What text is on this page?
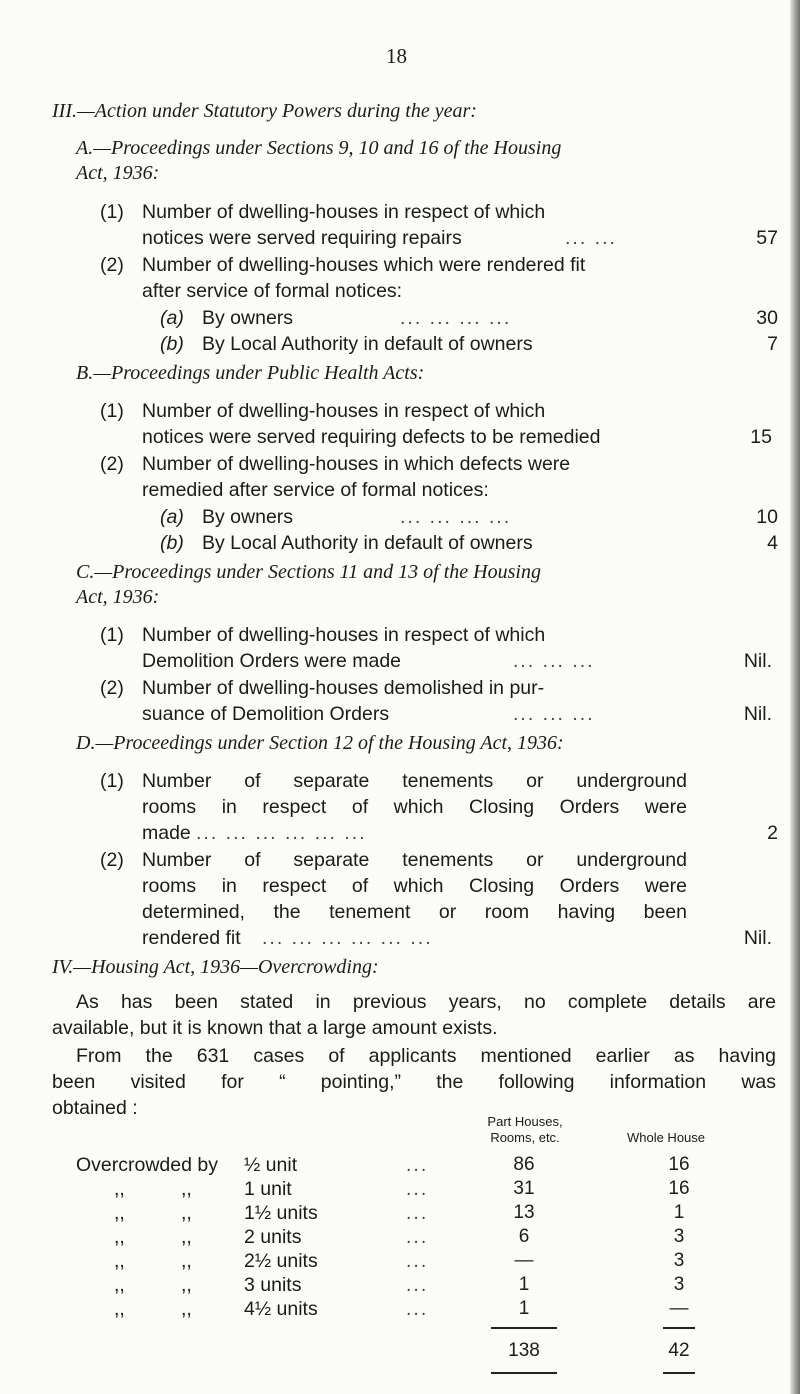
18
III.—Action under Statutory Powers during the year:
A.—Proceedings under Sections 9, 10 and 16 of the Housing
Act, 1936:
(1) Number of dwelling-houses in respect of which
notices were served requiring repairs	... ...	57
(2) Number of dwelling-houses which were rendered fit
after service of formal notices:
(a) By owners	... ... ... ...	30
(b) By Local Authority in default of owners	7
B.—Proceedings under Public Health Acts:
(1) Number of dwelling-houses in respect of which
notices were served requiring defects to be remedied	15
(2) Number of dwelling-houses in which defects were
remedied after service of formal notices:
(a) By owners	... ... ... ...	10
(b) By Local Authority in default of owners	4
C.—Proceedings under Sections 11 and 13 of the Housing
Act, 1936:
(1) Number of dwelling-houses in respect of which
Demolition Orders were made	... ... ...	Nil.
(2) Number of dwelling-houses demolished in pur-
suance of Demolition Orders	... ... ...	Nil.
D.—Proceedings under Section 12 of the Housing Act, 1936:
(1) Number of separate tenements or underground
rooms in respect of which Closing Orders were
made ... ... ... ... ... ...	2
(2) Number of separate tenements or underground
rooms in respect of which Closing Orders were
determined, the tenement or room having been
rendered fit ... ... ... ... ... ...	Nil.
IV.—Housing Act, 1936—Overcrowding:
As has been stated in previous years, no complete details are
available, but it is known that a large amount exists.
From the 631 cases of applicants mentioned earlier as having
been visited for “ pointing,” the following information was
obtained :
Part Houses,
Rooms, etc.	Whole House
Overcrowded by ½ unit	...	86	16
,,	,,	1 unit	...	31	16
,,	,,	1½ units	...	13	1
,,	,,	2 units	...	6	3
,,	,,	2½ units	...	—	3
,,	,,	3 units	...	1	3
,,	,,	4½ units	...	1	—
138	42
